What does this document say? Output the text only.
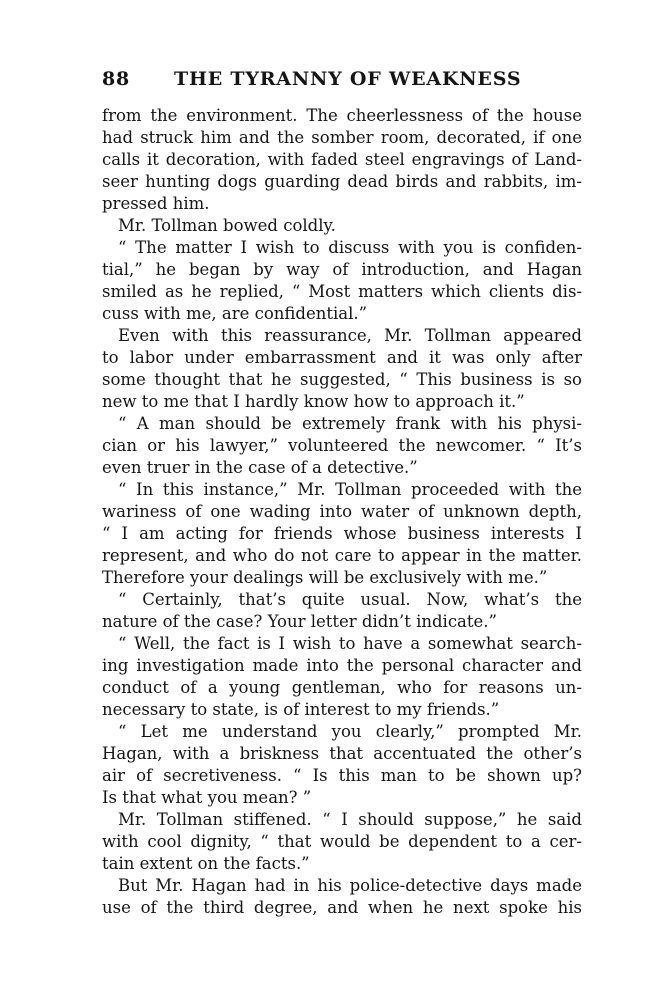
88 THE TYRANNY OF WEAKNESS
from the environment. The cheerlessness of the house
had struck him and the somber room, decorated, if one
calls it decoration, with faded steel engravings of Land-
seer hunting dogs guarding dead birds and rabbits, im-
pressed him.
Mr. Tollman bowed coldly.
“ The matter I wish to discuss with you is confiden-
tial,” he began by way of introduction, and Hagan
smiled as he replied, “ Most matters which clients dis-
cuss with me, are confidential.”
Even with this reassurance, Mr. Tollman appeared
to labor under embarrassment and it was only after
some thought that he suggested, “ This business is so
new to me that I hardly know how to approach it.”
“ A man should be extremely frank with his physi-
cian or his lawyer,” volunteered the newcomer. “ It’s
even truer in the case of a detective.”
“ In this instance,” Mr. Tollman proceeded with the
wariness of one wading into water of unknown depth,
“ I am acting for friends whose business interests I
represent, and who do not care to appear in the matter.
Therefore your dealings will be exclusively with me.”
“ Certainly, that’s quite usual. Now, what’s the
nature of the case? Your letter didn’t indicate.”
“ Well, the fact is I wish to have a somewhat search-
ing investigation made into the personal character and
conduct of a young gentleman, who for reasons un-
necessary to state, is of interest to my friends.”
“ Let me understand you clearly,” prompted Mr.
Hagan, with a briskness that accentuated the other’s
air of secretiveness. “ Is this man to be shown up?
Is that what you mean? ”
Mr. Tollman stiffened. “ I should suppose,” he said
with cool dignity, “ that would be dependent to a cer-
tain extent on the facts.”
But Mr. Hagan had in his police-detective days made
use of the third degree, and when he next spoke his
